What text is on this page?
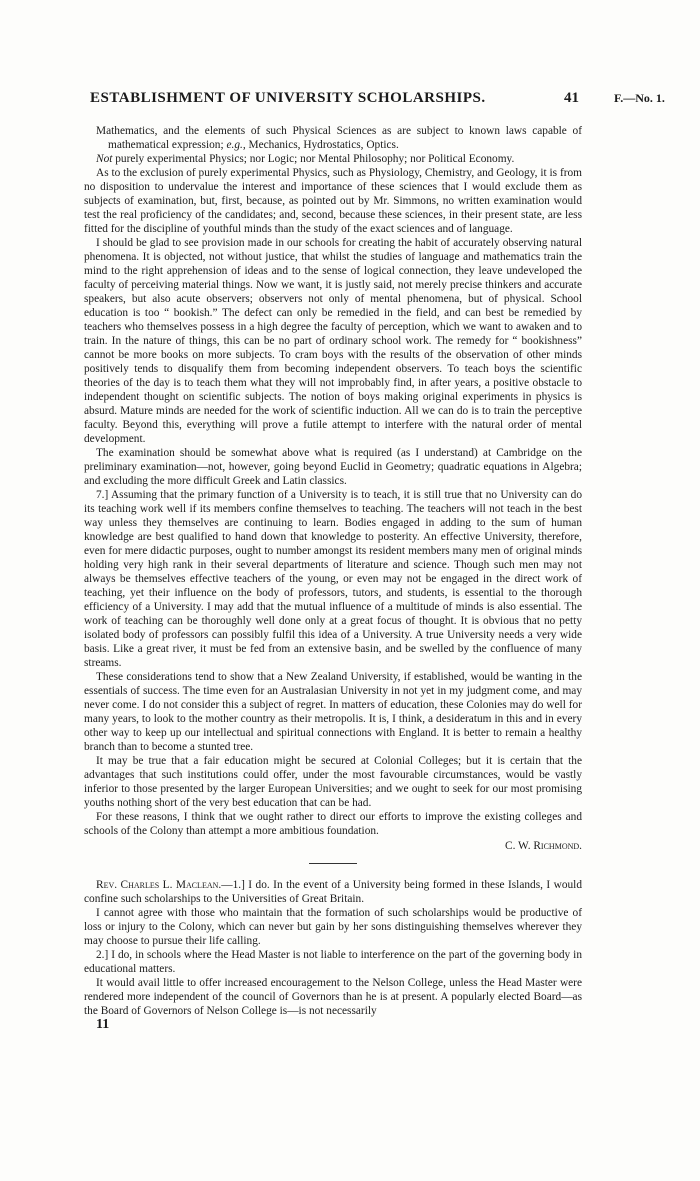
ESTABLISHMENT OF UNIVERSITY SCHOLARSHIPS.	41	F.—No. 1.

Mathematics, and the elements of such Physical Sciences as are subject to known laws capable of mathematical expression; e.g., Mechanics, Hydrostatics, Optics.

Not purely experimental Physics; nor Logic; nor Mental Philosophy; nor Political Economy.

As to the exclusion of purely experimental Physics, such as Physiology, Chemistry, and Geology, it is from no disposition to undervalue the interest and importance of these sciences that I would exclude them as subjects of examination, but, first, because, as pointed out by Mr. Simmons, no written examination would test the real proficiency of the candidates; and, second, because these sciences, in their present state, are less fitted for the discipline of youthful minds than the study of the exact sciences and of language.

I should be glad to see provision made in our schools for creating the habit of accurately observing natural phenomena. It is objected, not without justice, that whilst the studies of language and mathematics train the mind to the right apprehension of ideas and to the sense of logical connection, they leave undeveloped the faculty of perceiving material things. Now we want, it is justly said, not merely precise thinkers and accurate speakers, but also acute observers; observers not only of mental phenomena, but of physical. School education is too “ bookish.” The defect can only be remedied in the field, and can best be remedied by teachers who themselves possess in a high degree the faculty of perception, which we want to awaken and to train. In the nature of things, this can be no part of ordinary school work. The remedy for “ bookishness” cannot be more books on more subjects. To cram boys with the results of the observation of other minds positively tends to disqualify them from becoming independent observers. To teach boys the scientific theories of the day is to teach them what they will not improbably find, in after years, a positive obstacle to independent thought on scientific subjects. The notion of boys making original experiments in physics is absurd. Mature minds are needed for the work of scientific induction. All we can do is to train the perceptive faculty. Beyond this, everything will prove a futile attempt to interfere with the natural order of mental development.

The examination should be somewhat above what is required (as I understand) at Cambridge on the preliminary examination—not, however, going beyond Euclid in Geometry; quadratic equations in Algebra; and excluding the more difficult Greek and Latin classics.

7.] Assuming that the primary function of a University is to teach, it is still true that no University can do its teaching work well if its members confine themselves to teaching. The teachers will not teach in the best way unless they themselves are continuing to learn. Bodies engaged in adding to the sum of human knowledge are best qualified to hand down that knowledge to posterity. An effective University, therefore, even for mere didactic purposes, ought to number amongst its resident members many men of original minds holding very high rank in their several departments of literature and science. Though such men may not always be themselves effective teachers of the young, or even may not be engaged in the direct work of teaching, yet their influence on the body of professors, tutors, and students, is essential to the thorough efficiency of a University. I may add that the mutual influence of a multitude of minds is also essential. The work of teaching can be thoroughly well done only at a great focus of thought. It is obvious that no petty isolated body of professors can possibly fulfil this idea of a University. A true University needs a very wide basis. Like a great river, it must be fed from an extensive basin, and be swelled by the confluence of many streams.

These considerations tend to show that a New Zealand University, if established, would be wanting in the essentials of success. The time even for an Australasian University in not yet in my judgment come, and may never come. I do not consider this a subject of regret. In matters of education, these Colonies may do well for many years, to look to the mother country as their metropolis. It is, I think, a desideratum in this and in every other way to keep up our intellectual and spiritual connections with England. It is better to remain a healthy branch than to become a stunted tree.

It may be true that a fair education might be secured at Colonial Colleges; but it is certain that the advantages that such institutions could offer, under the most favourable circumstances, would be vastly inferior to those presented by the larger European Universities; and we ought to seek for our most promising youths nothing short of the very best education that can be had.

For these reasons, I think that we ought rather to direct our efforts to improve the existing colleges and schools of the Colony than attempt a more ambitious foundation.

C. W. Richmond.

Rev. Charles L. Maclean.—1.] I do. In the event of a University being formed in these Islands, I would confine such scholarships to the Universities of Great Britain.

I cannot agree with those who maintain that the formation of such scholarships would be productive of loss or injury to the Colony, which can never but gain by her sons distinguishing themselves wherever they may choose to pursue their life calling.

2.] I do, in schools where the Head Master is not liable to interference on the part of the governing body in educational matters.

It would avail little to offer increased encouragement to the Nelson College, unless the Head Master were rendered more independent of the council of Governors than he is at present. A popularly elected Board—as the Board of Governors of Nelson College is—is not necessarily

11
